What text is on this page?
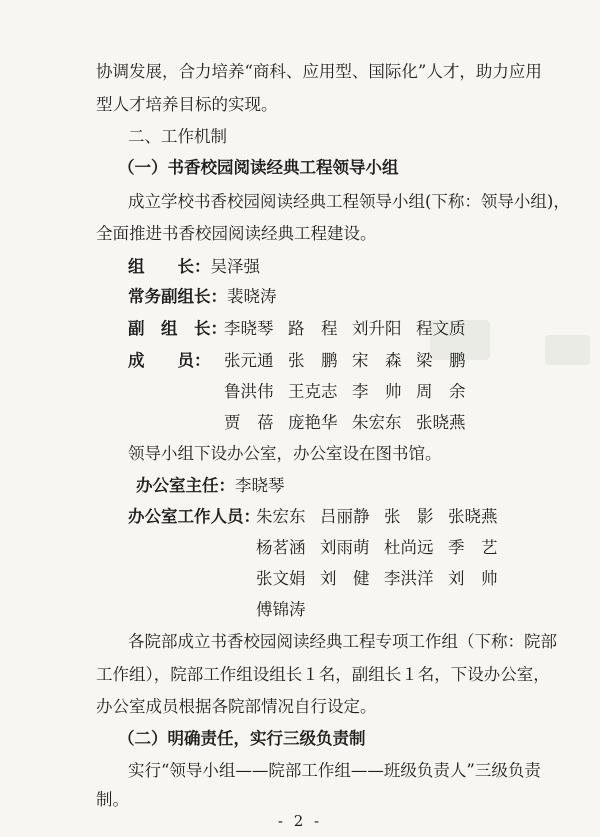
协调发展，合力培养“商科、应用型、国际化”人才，助力应用
型人才培养目标的实现。
二、工作机制
（一）书香校园阅读经典工程领导小组
成立学校书香校园阅读经典工程领导小组(下称：领导小组)，
全面推进书香校园阅读经典工程建设。
组　　长：吴泽强
常务副组长：裴晓涛
副　组　长：
李晓琴 路　程 刘升阳 程文质
成　　员： 张元通 张　鹏 宋　森 梁　鹏
鲁洪伟 王克志 李　帅 周　余
贾　蓓 庞艳华 朱宏东 张晓燕
领导小组下设办公室，办公室设在图书馆。
办公室主任：李晓琴
办公室工作人员：
朱宏东 吕丽静 张　影 张晓燕
杨茗涵 刘雨萌 杜尚远 季　艺
张文娟 刘　健 李洪洋 刘　帅
傅锦涛
各院部成立书香校园阅读经典工程专项工作组（下称：院部
工作组），院部工作组设组长１名，副组长１名，下设办公室，
办公室成员根据各院部情况自行设定。
（二）明确责任，实行三级负责制
实行“领导小组——院部工作组——班级负责人”三级负责
制。
- 2 -
